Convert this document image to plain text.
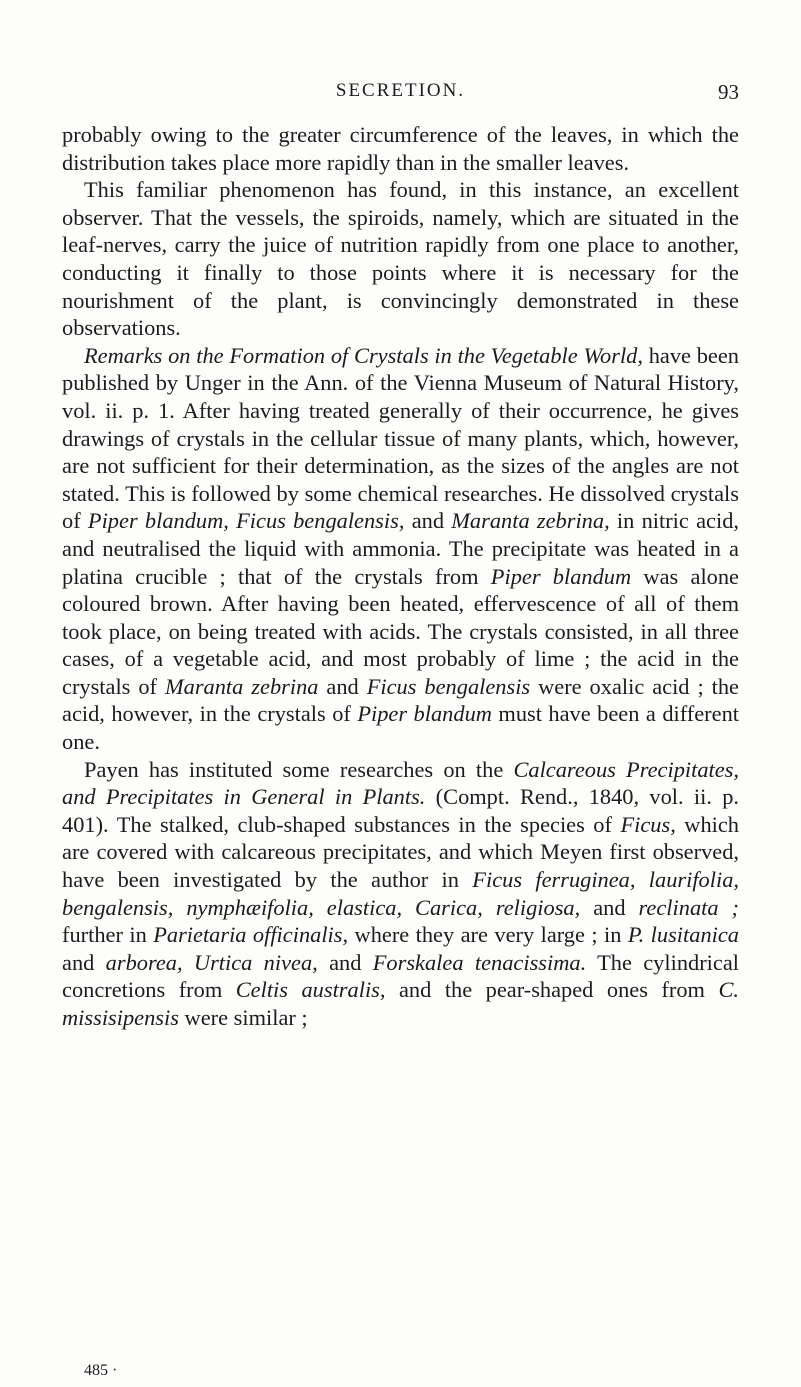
SECRETION.	93

probably owing to the greater circumference of the leaves, in which the distribution takes place more rapidly than in the smaller leaves.

This familiar phenomenon has found, in this instance, an excellent observer. That the vessels, the spiroids, namely, which are situated in the leaf-nerves, carry the juice of nutrition rapidly from one place to another, conducting it finally to those points where it is necessary for the nourishment of the plant, is convincingly demonstrated in these observations.

Remarks on the Formation of Crystals in the Vegetable World, have been published by Unger in the Ann. of the Vienna Museum of Natural History, vol. ii. p. 1. After having treated generally of their occurrence, he gives drawings of crystals in the cellular tissue of many plants, which, however, are not sufficient for their determination, as the sizes of the angles are not stated. This is followed by some chemical researches. He dissolved crystals of Piper blandum, Ficus bengalensis, and Maranta zebrina, in nitric acid, and neutralised the liquid with ammonia. The precipitate was heated in a platina crucible ; that of the crystals from Piper blandum was alone coloured brown. After having been heated, effervescence of all of them took place, on being treated with acids. The crystals consisted, in all three cases, of a vegetable acid, and most probably of lime ; the acid in the crystals of Maranta zebrina and Ficus bengalensis were oxalic acid ; the acid, however, in the crystals of Piper blandum must have been a different one.

Payen has instituted some researches on the Calcareous Precipitates, and Precipitates in General in Plants. (Compt. Rend., 1840, vol. ii. p. 401). The stalked, club-shaped substances in the species of Ficus, which are covered with calcareous precipitates, and which Meyen first observed, have been investigated by the author in Ficus ferruginea, laurifolia, bengalensis, nymphæifolia, elastica, Carica, religiosa, and reclinata ; further in Parietaria officinalis, where they are very large ; in P. lusitanica and arborea, Urtica nivea, and Forskalea tenacissima. The cylindrical concretions from Celtis australis, and the pear-shaped ones from C. missisipensis were similar ;

485 ·
